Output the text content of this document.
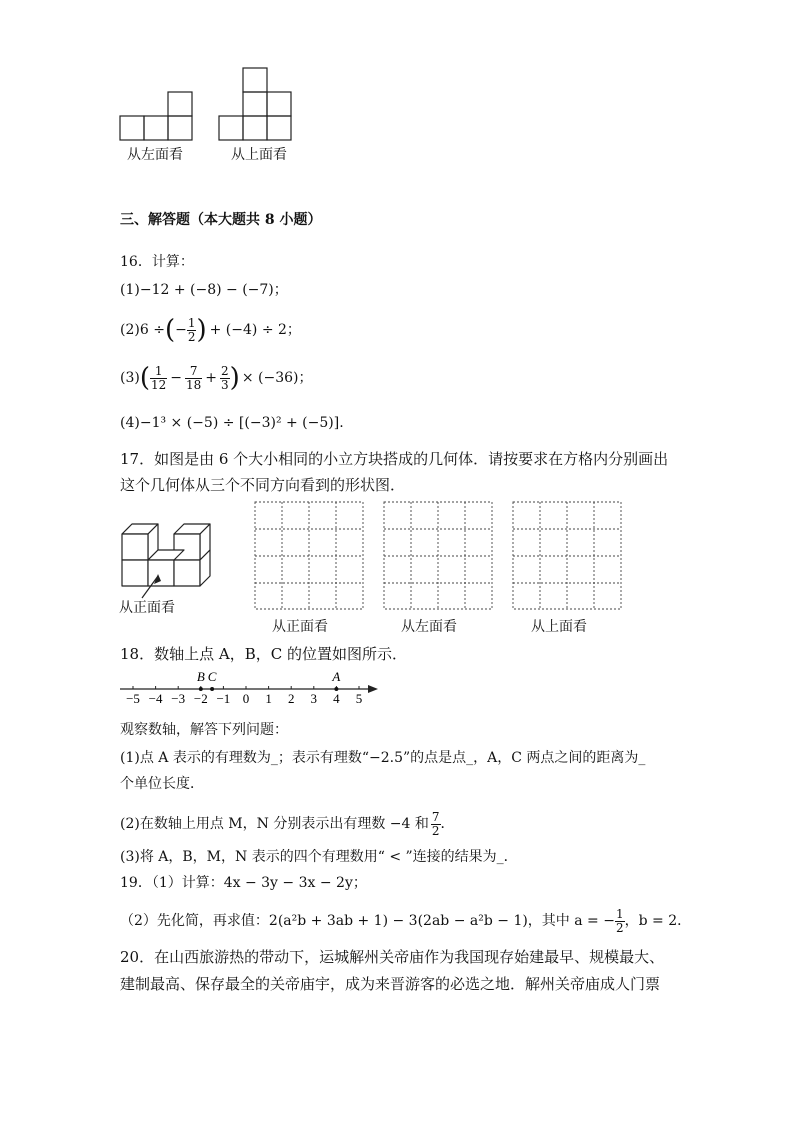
从左面看	从上面看
三、解答题（本大题共 8 小题）
16．计算：
(1)−12 + (−8) − (−7)；
(2) 6 ÷ ( − $\frac{1}{2}$ ) + (−4) ÷ 2 ；
(3) ( $\frac{1}{12} - \frac{7}{18} + \frac{2}{3}$ ) × (−36) ；
(4)−1³ × (−5) ÷ [(−3)² + (−5)].
17．如图是由 6 个大小相同的小立方块搭成的几何体．请按要求在方格内分别画出
这个几何体从三个不同方向看到的形状图．
从正面看
从正面看	从左面看	从上面看
18．数轴上点 A，B，C 的位置如图所示．
−5 −4 −3 −2 −1 0 1 2 3 4 5
B C	A
观察数轴，解答下列问题：
(1)点 A 表示的有理数为_；表示有理数“−2.5”的点是点_，A，C 两点之间的距离为_
个单位长度．
(2)在数轴上用点 M，N 分别表示出有理数 −4 和 $\frac{7}{2}$ ．
(3)将 A，B，M，N 表示的四个有理数用“ < ”连接的结果为_．
19．（1）计算：4x − 3y − 3x − 2y；
（2）先化简，再求值：2(a²b + 3ab + 1) − 3(2ab − a²b − 1)，其中 a = − $\frac{1}{2}$ ，b = 2．
20．在山西旅游热的带动下，运城解州关帝庙作为我国现存始建最早、规模最大、
建制最高、保存最全的关帝庙宇，成为来晋游客的必选之地．解州关帝庙成人门票
